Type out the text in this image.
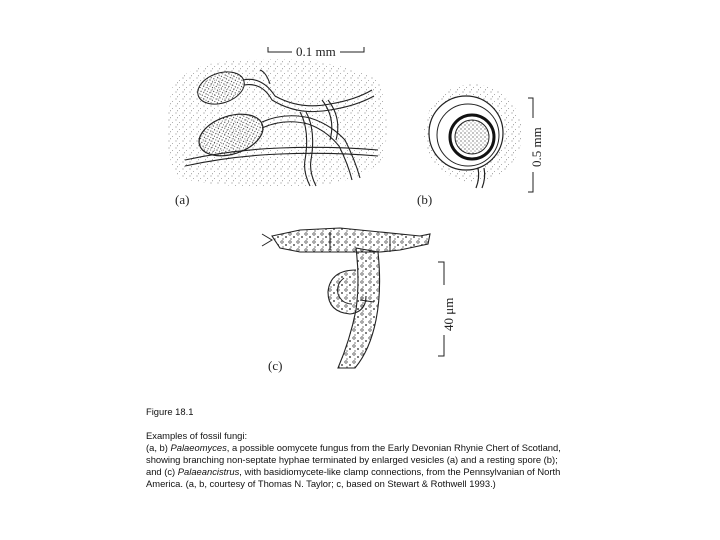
0.1 mm
0.5 mm
40 μm
(a)	(b)
(c)

Figure 18.1

Examples of fossil fungi:

(a, b) Palaeomyces, a possible oomycete fungus from the Early Devonian Rhynie Chert of Scotland, showing branching non-septate hyphae terminated by enlarged vesicles (a) and a resting spore (b); and (c) Palaeancistrus, with basidiomycete-like clamp connections, from the Pennsylvanian of North America. (a, b, courtesy of Thomas N. Taylor; c, based on Stewart & Rothwell 1993.)
